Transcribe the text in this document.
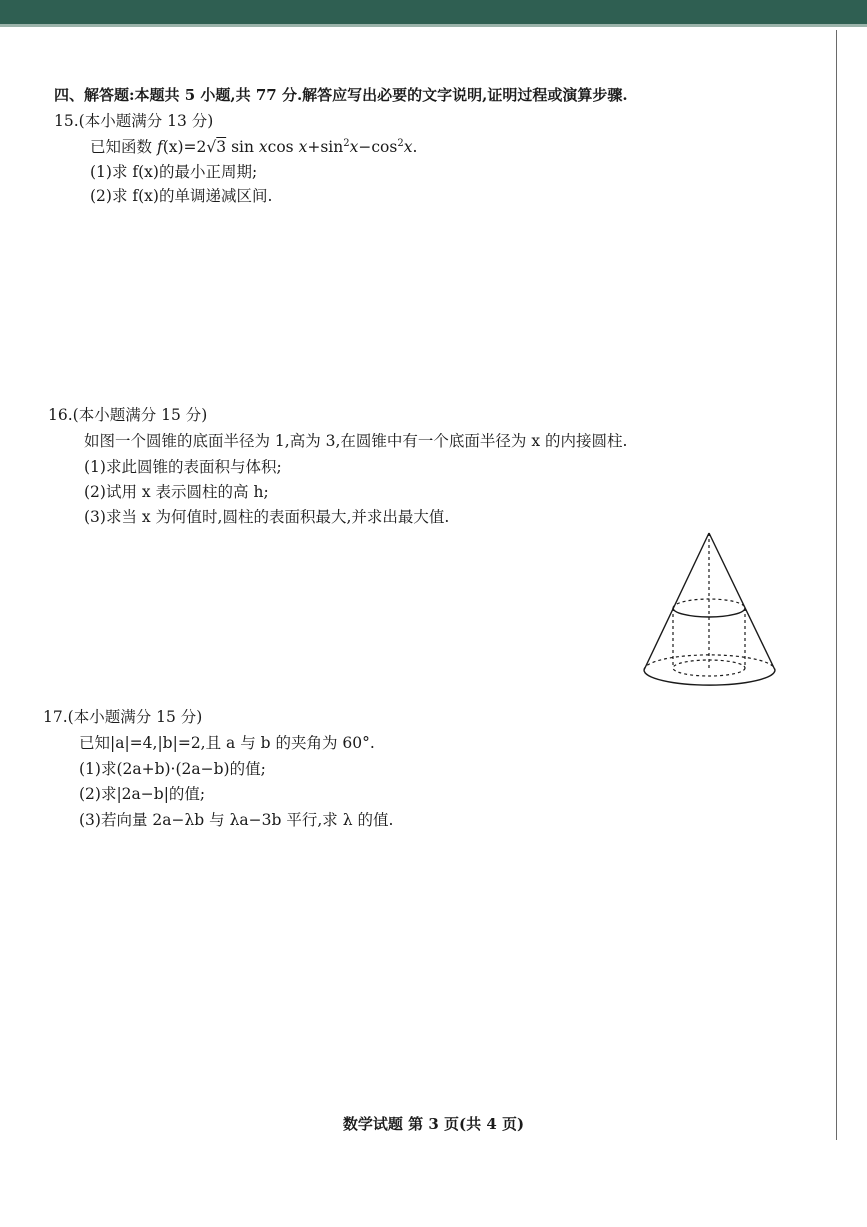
四、解答题:本题共 5 小题,共 77 分.解答应写出必要的文字说明,证明过程或演算步骤.
15.(本小题满分 13 分)
已知函数 f(x)=2√3 sin xcos $x+\sin^2x-\cos^2x$.
(1)求 f(x)的最小正周期;
(2)求 f(x)的单调递减区间.
16.(本小题满分 15 分)
如图一个圆锥的底面半径为 1,高为 3,在圆锥中有一个底面半径为 x 的内接圆柱.
(1)求此圆锥的表面积与体积;
(2)试用 x 表示圆柱的高 h;
(3)求当 x 为何值时,圆柱的表面积最大,并求出最大值.
17.(本小题满分 15 分)
已知|a|=4,|b|=2,且 a 与 b 的夹角为 60°.
(1)求(2a+b)·(2a−b)的值;
(2)求|2a−b|的值;
(3)若向量 2a−λb 与 λa−3b 平行,求 λ 的值.
数学试题 第 3 页(共 4 页)
